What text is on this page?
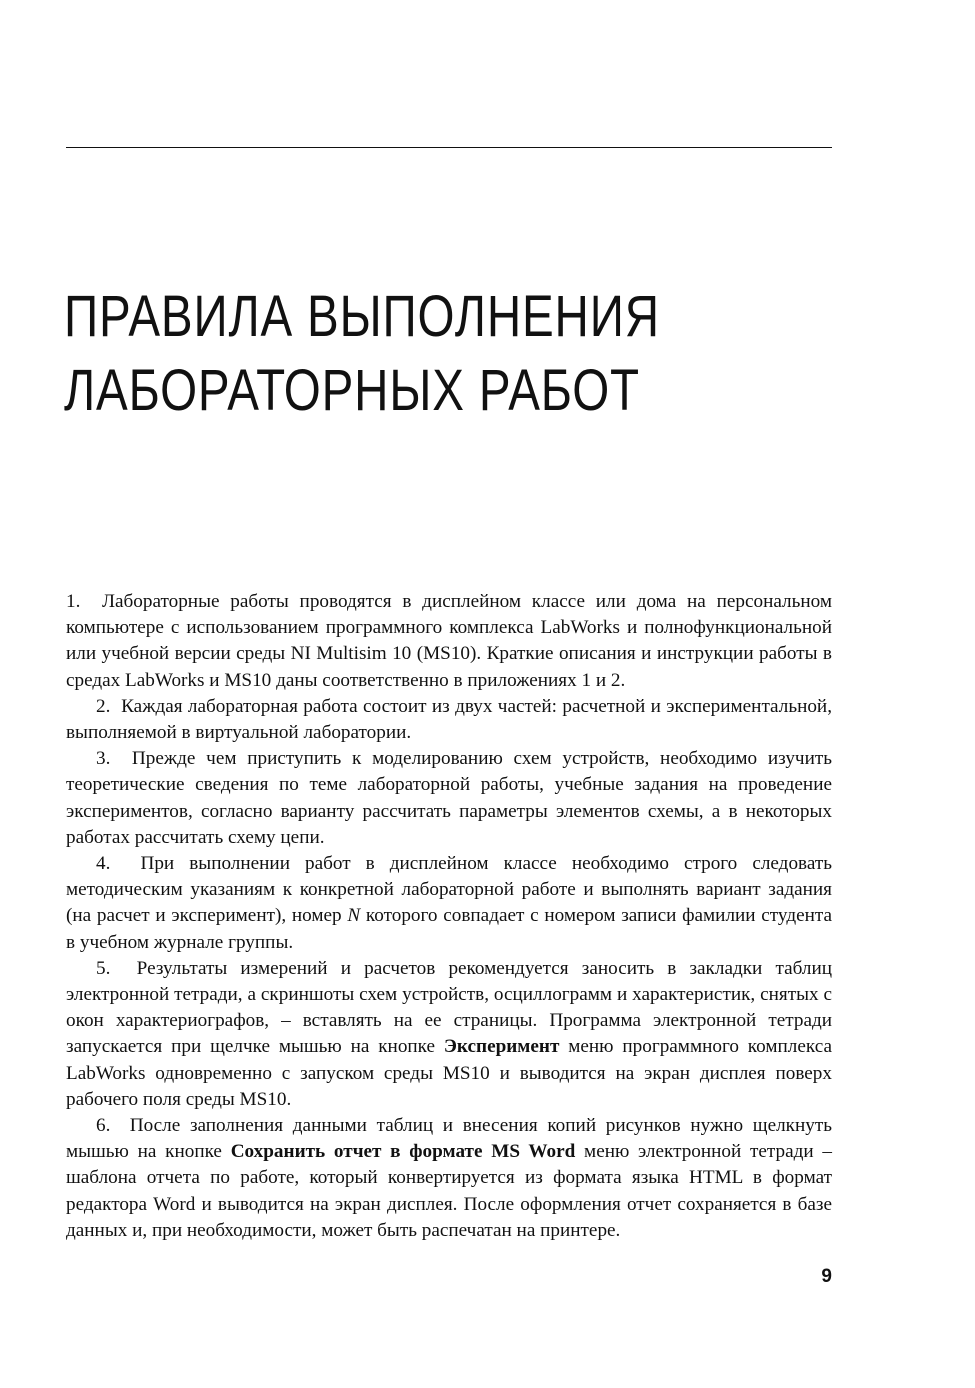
ПРАВИЛА ВЫПОЛНЕНИЯ
ЛАБОРАТОРНЫХ РАБОТ

1. Лабораторные работы проводятся в дисплейном классе или дома на персональном компьютере с использованием программного комплекса LabWorks и полнофункциональной или учебной версии среды NI Multisim 10 (MS10). Краткие описания и инструкции работы в средах LabWorks и MS10 даны соответственно в приложениях 1 и 2.

2. Каждая лабораторная работа состоит из двух частей: расчетной и экспериментальной, выполняемой в виртуальной лаборатории.

3. Прежде чем приступить к моделированию схем устройств, необходимо изучить теоретические сведения по теме лабораторной работы, учебные задания на проведение экспериментов, согласно варианту рассчитать параметры элементов схемы, а в некоторых работах рассчитать схему цепи.

4. При выполнении работ в дисплейном классе необходимо строго следовать методическим указаниям к конкретной лабораторной работе и выполнять вариант задания (на расчет и эксперимент), номер N которого совпадает с номером записи фамилии студента в учебном журнале группы.

5. Результаты измерений и расчетов рекомендуется заносить в закладки таблиц электронной тетради, а скриншоты схем устройств, осциллограмм и характеристик, снятых с окон характериографов, – вставлять на ее страницы. Программа электронной тетради запускается при щелчке мышью на кнопке Эксперимент меню программного комплекса LabWorks одновременно с запуском среды MS10 и выводится на экран дисплея поверх рабочего поля среды MS10.

6. После заполнения данными таблиц и внесения копий рисунков нужно щелкнуть мышью на кнопке Сохранить отчет в формате MS Word меню электронной тетради – шаблона отчета по работе, который конвертируется из формата языка HTML в формат редактора Word и выводится на экран дисплея. После оформления отчет сохраняется в базе данных и, при необходимости, может быть распечатан на принтере.

9
